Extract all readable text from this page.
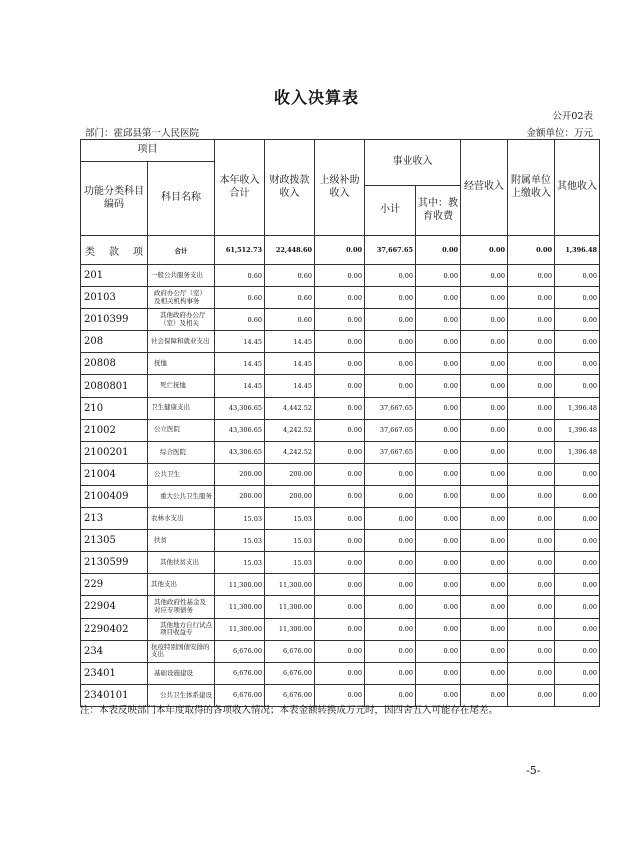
收入决算表
公开02表
部门：霍邱县第一人民医院	金额单位：万元
项目		本年收入合计	财政拨款收入	上级补助收入	事业收入		经营收入	附属单位上缴收入	其他收入
功能分类科目编码	科目名称								
					小计	其中：教育收费			

类 款 项	合计	61,512.73	22,448.60	0.00	37,667.65	0.00	0.00	0.00	1,396.48
201	一般公共服务支出	0.60	0.60	0.00	0.00	0.00	0.00	0.00	0.00
20103	政府办公厅（室）及相关机构事务	0.60	0.60	0.00	0.00	0.00	0.00	0.00	0.00
2010399	其他政府办公厅（室）及相关	0.60	0.60	0.00	0.00	0.00	0.00	0.00	0.00
208	社会保障和就业支出	14.45	14.45	0.00	0.00	0.00	0.00	0.00	0.00
20808	抚恤	14.45	14.45	0.00	0.00	0.00	0.00	0.00	0.00
2080801	死亡抚恤	14.45	14.45	0.00	0.00	0.00	0.00	0.00	0.00
210	卫生健康支出	43,306.65	4,442.52	0.00	37,667.65	0.00	0.00	0.00	1,396.48
21002	公立医院	43,306.65	4,242.52	0.00	37,667.65	0.00	0.00	0.00	1,396.48
2100201	综合医院	43,306.65	4,242.52	0.00	37,667.65	0.00	0.00	0.00	1,396.48
21004	公共卫生	200.00	200.00	0.00	0.00	0.00	0.00	0.00	0.00
2100409	重大公共卫生服务	200.00	200.00	0.00	0.00	0.00	0.00	0.00	0.00
213	农林水支出	15.03	15.03	0.00	0.00	0.00	0.00	0.00	0.00
21305	扶贫	15.03	15.03	0.00	0.00	0.00	0.00	0.00	0.00
2130599	其他扶贫支出	15.03	15.03	0.00	0.00	0.00	0.00	0.00	0.00
229	其他支出	11,300.00	11,300.00	0.00	0.00	0.00	0.00	0.00	0.00
22904	其他政府性基金及对应专项债务	11,300.00	11,300.00	0.00	0.00	0.00	0.00	0.00	0.00
2290402	其他地方自行试点项目收益专	11,300.00	11,300.00	0.00	0.00	0.00	0.00	0.00	0.00
234	抗疫特别国债安排的支出	6,676.00	6,676.00	0.00	0.00	0.00	0.00	0.00	0.00
23401	基础设施建设	6,676.00	6,676.00	0.00	0.00	0.00	0.00	0.00	0.00
2340101	公共卫生体系建设	6,676.00	6,676.00	0.00	0.00	0.00	0.00	0.00	0.00
注：本表反映部门本年度取得的各项收入情况；本表金额转换成万元时，因四舍五入可能存在尾差。
-5-
